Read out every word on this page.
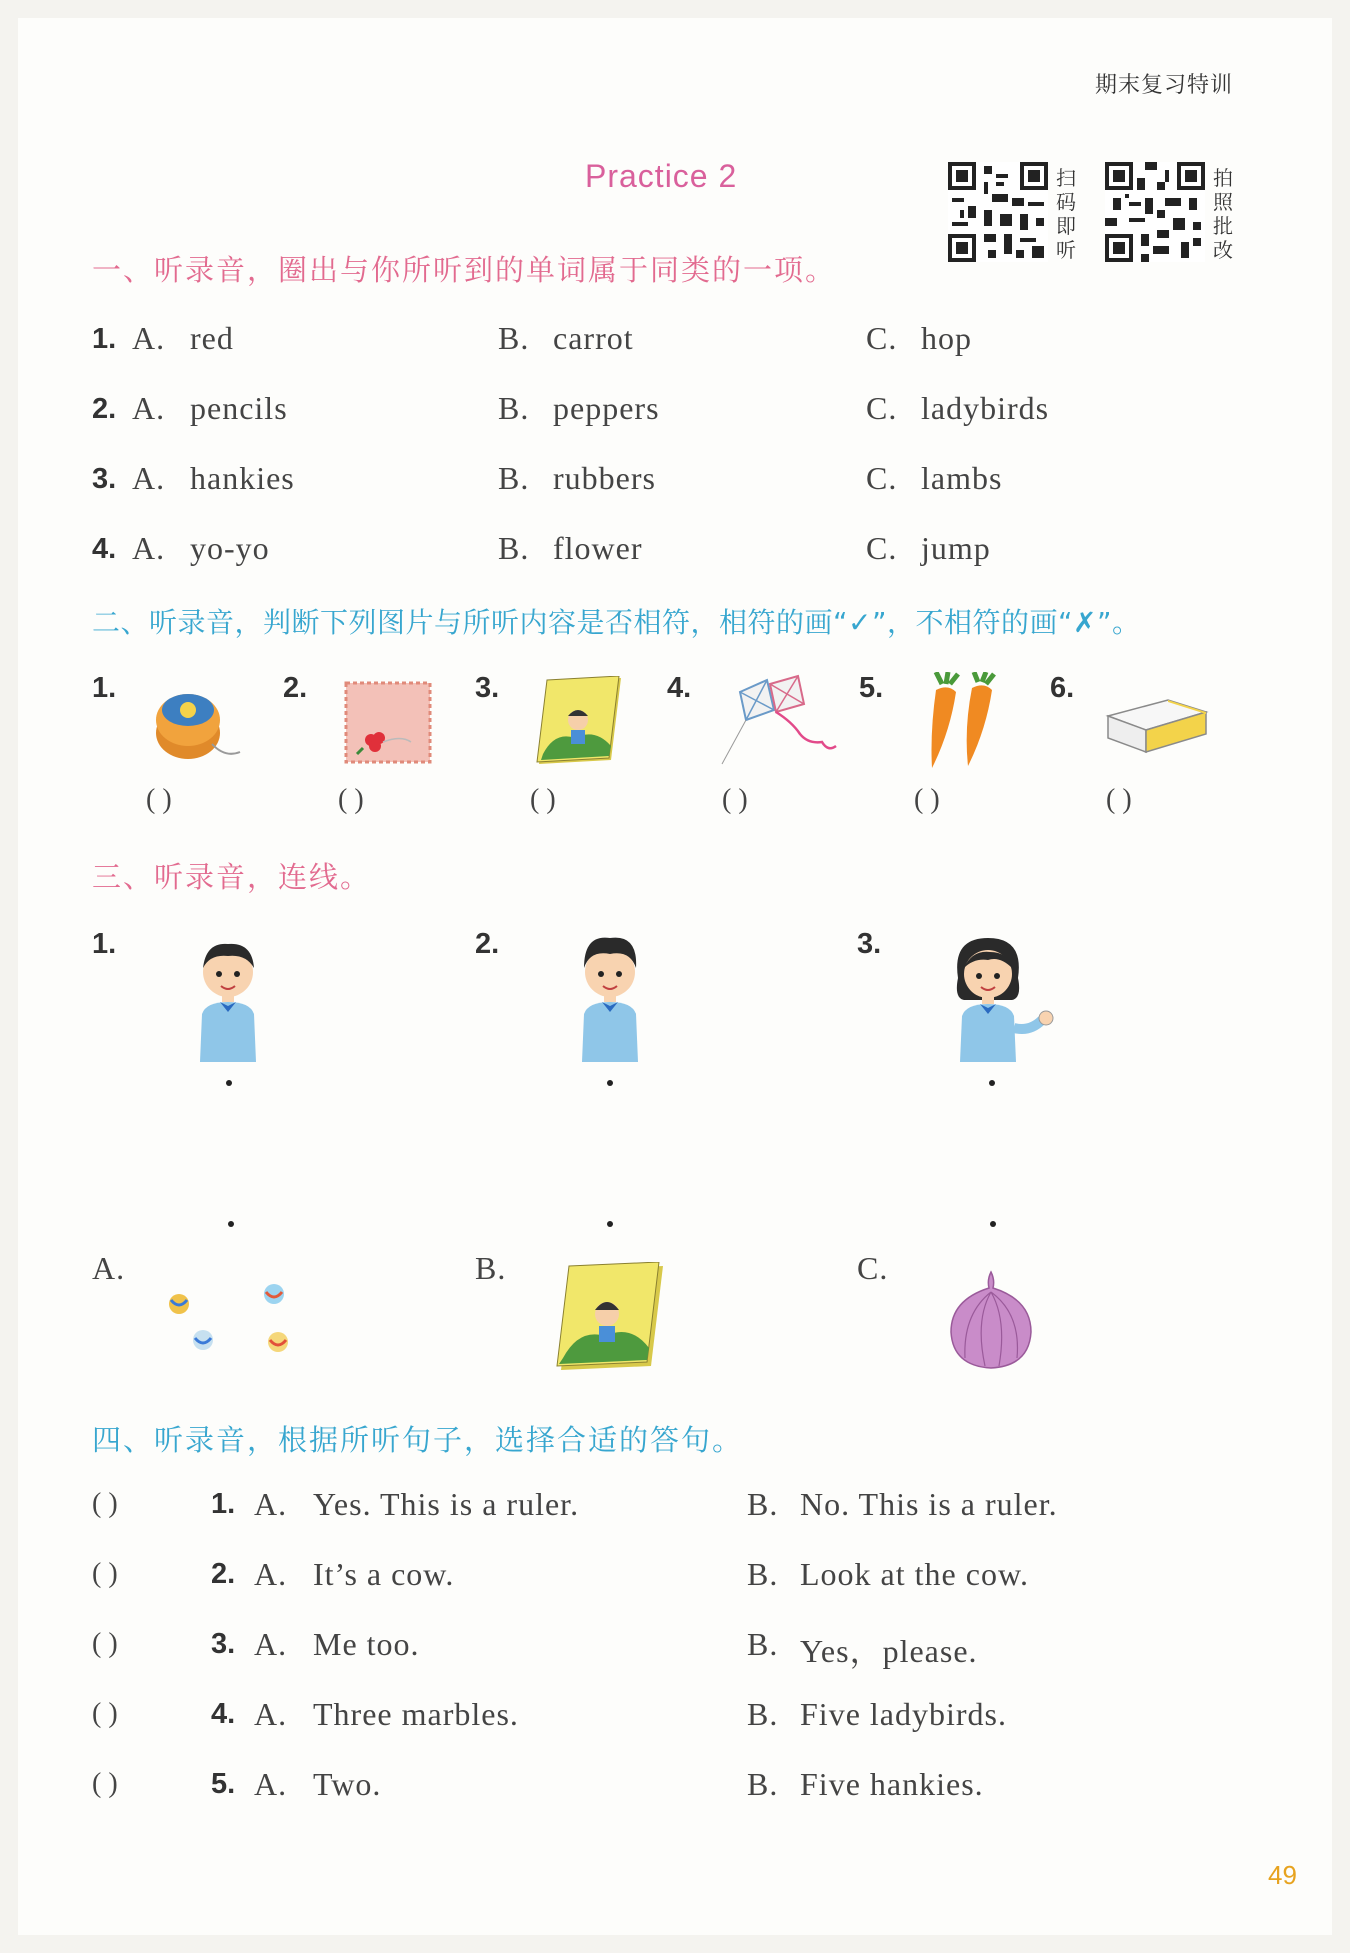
期末复习特训
Practice 2	扫码即听
拍照批改
一、听录音，圈出与你所听到的单词属于同类的一项。
1. A. red	B. carrot	C. hop
2. A. pencils	B. peppers	C. ladybirds
3. A. hankies	B. rubbers	C. lambs
4. A. yo-yo	B. flower	C. jump
二、听录音，判断下列图片与所听内容是否相符，相符的画“✓”，不相符的画“✗”。
1.
( )
2.
( )
3.
( )
4.
( )
5.
( )
6.
( )
三、听录音，连线。
1.	2.	3.
A.	B.	C.
四、听录音，根据所听句子，选择合适的答句。
( )	1. A. Yes. This is a ruler.	B. No. This is a ruler.
( )	2. A. It’s a cow.	B. Look at the cow.
( )	3. A. Me too.	B. Yes，please.
( )	4. A. Three marbles.	B. Five ladybirds.
( )	5. A. Two.	B. Five hankies.
49
